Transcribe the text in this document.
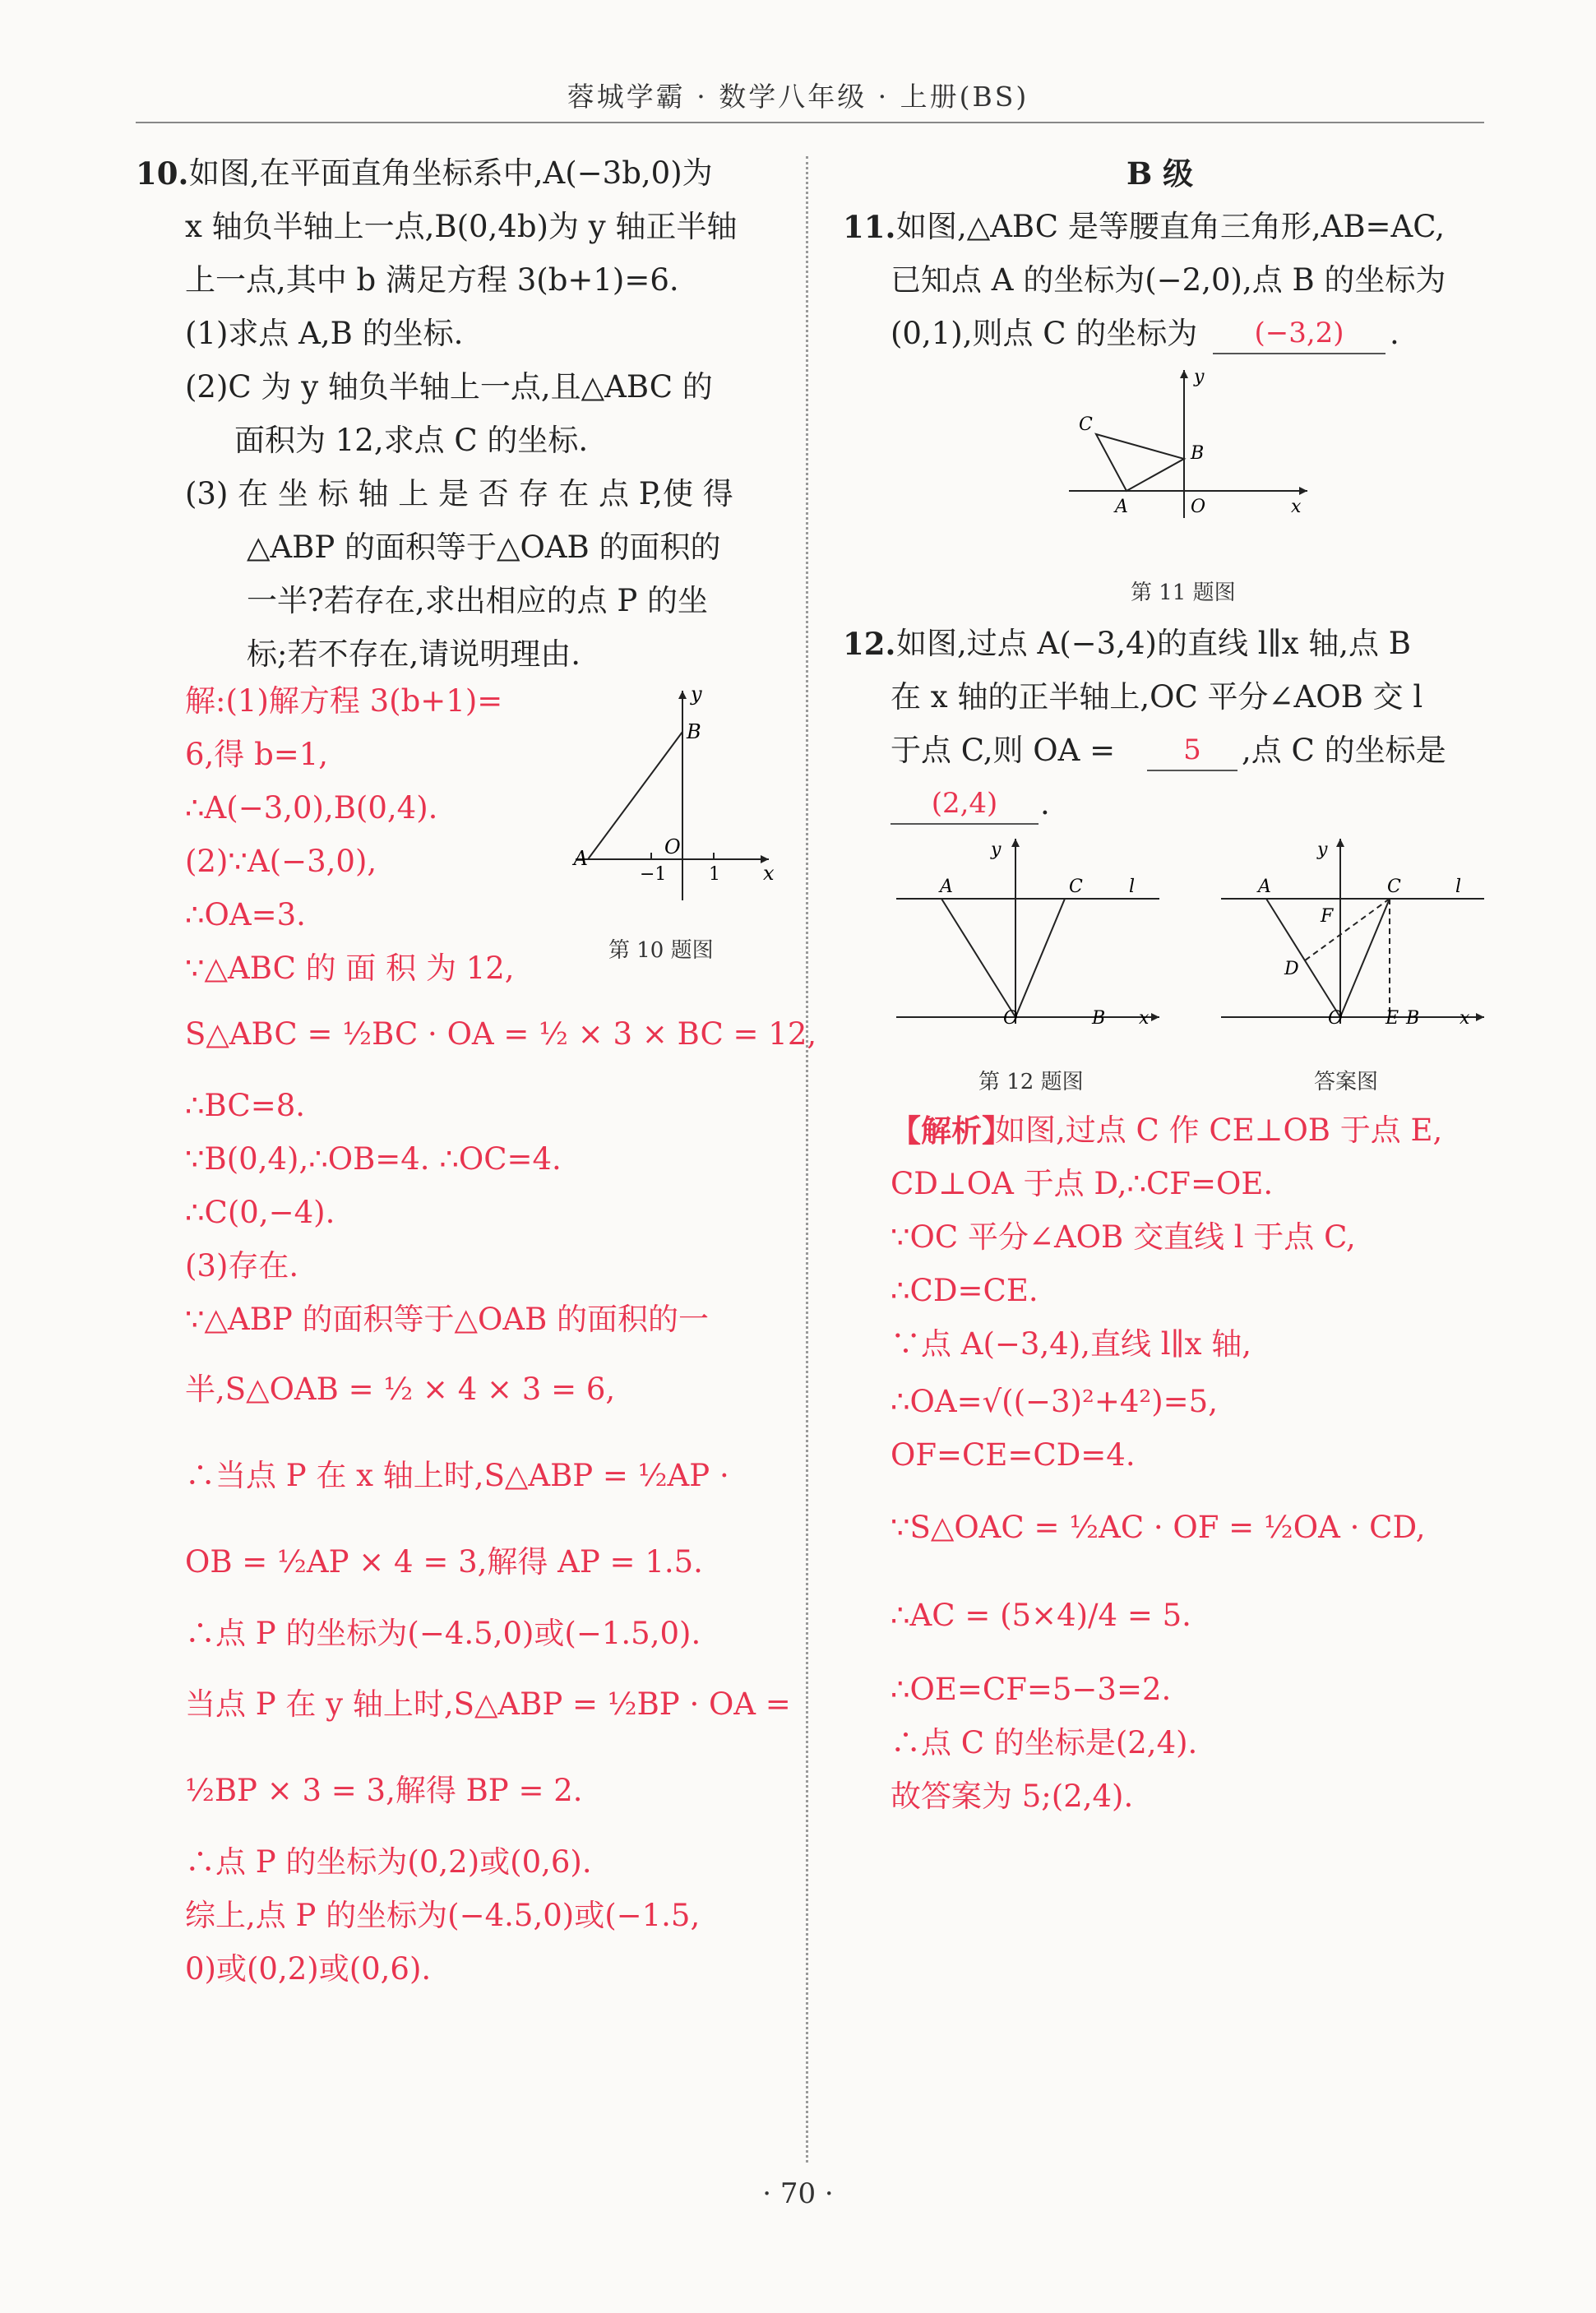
蓉城学霸 · 数学八年级 · 上册(BS)
10. 如图,在平面直角坐标系中,A(−3b,0)为
x 轴负半轴上一点,B(0,4b)为 y 轴正半轴
上一点,其中 b 满足方程 3(b+1)=6.
(1)求点 A,B 的坐标.
(2)C 为 y 轴负半轴上一点,且△ABC 的
面积为 12,求点 C 的坐标.
(3) 在 坐 标 轴 上 是 否 存 在 点 P,使 得
△ABP 的面积等于△OAB 的面积的
一半?若存在,求出相应的点 P 的坐
标;若不存在,请说明理由.
y
B
O
A
−1 1 x
第 10 题图
解:(1)解方程 3(b+1)=
6,得 b=1,
∴A(−3,0),B(0,4).
(2)∵A(−3,0),
∴OA=3.
∵△ABC 的 面 积 为 12,
S△ABC = ½BC · OA = ½ × 3 × BC = 12,
∴BC=8.
∵B(0,4),∴OB=4. ∴OC=4.
∴C(0,−4).
(3)存在.
∵△ABP 的面积等于△OAB 的面积的一
半,S△OAB = ½ × 4 × 3 = 6,
∴当点 P 在 x 轴上时,S△ABP = ½AP ·
OB = ½AP × 4 = 3,解得 AP = 1.5.
∴点 P 的坐标为(−4.5,0)或(−1.5,0).
当点 P 在 y 轴上时,S△ABP = ½BP · OA =
½BP × 3 = 3,解得 BP = 2.
∴点 P 的坐标为(0,2)或(0,6).
综上,点 P 的坐标为(−4.5,0)或(−1.5,
0)或(0,2)或(0,6).
B 级
11. 如图,△ABC 是等腰直角三角形,AB=AC,
已知点 A 的坐标为(−2,0),点 B 的坐标为
(0,1),则点 C 的坐标为	(−3,2)	.
y
C
B
A	O	x
第 11 题图
12. 如图,过点 A(−3,4)的直线 l∥x 轴,点 B
在 x 轴的正半轴上,OC 平分∠AOB 交 l
于点 C,则 OA =	5	,点 C 的坐标是
(2,4)	.
y
A	C	l
O	B x
第 12 题图
y
A	C	l
F
D
O E B x
答案图
【解析】
如图,过点 C 作 CE⊥OB 于点 E,
CD⊥OA 于点 D,∴CF=OE.
∵OC 平分∠AOB 交直线 l 于点 C,
∴CD=CE.
∵点 A(−3,4),直线 l∥x 轴,
∴OA=√((−3)²+4²)=5,
OF=CE=CD=4.
∵S△OAC = ½AC · OF = ½OA · CD,
∴AC = (5×4)/4 = 5.
∴OE=CF=5−3=2.
∴点 C 的坐标是(2,4).
故答案为 5;(2,4).
· 70 ·
